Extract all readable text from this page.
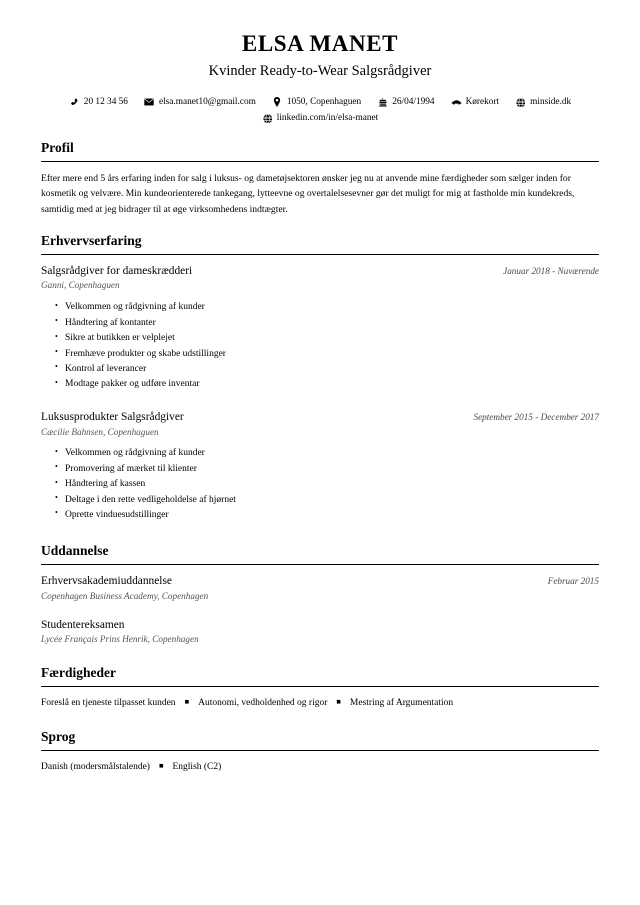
ELSA MANET
Kvinder Ready-to-Wear Salgsrådgiver
20 12 34 56	elsa.manet10@gmail.com	1050, Copenhaguen	26/04/1994	Kørekort	minside.dk
linkedin.com/in/elsa-manet
Profil

Efter mere end 5 års erfaring inden for salg i luksus- og dametøjsektoren ønsker jeg nu at anvende mine færdigheder som sælger inden for kosmetik og velvære. Min kundeorienterede tankegang, lytteevne og overtalelsesevner gør det muligt for mig at fastholde min kundekreds, samtidig med at jeg bidrager til at øge virksomhedens indtægter.

Erhvervserfaring
Salgsrådgiver for dameskrædderi	Januar 2018 - Nuværende
Ganni, Copenhaguen
• Velkommen og rådgivning af kunder
• Håndtering af kontanter
• Sikre at butikken er velplejet
• Fremhæve produkter og skabe udstillinger
• Kontrol af leverancer
• Modtage pakker og udføre inventar
Luksusprodukter Salgsrådgiver	September 2015 - December 2017
Cæcilie Bahnsen, Copenhaguen
• Velkommen og rådgivning af kunder
• Promovering af mærket til klienter
• Håndtering af kassen
• Deltage i den rette vedligeholdelse af hjørnet
• Oprette vinduesudstillinger
Uddannelse
Erhvervsakademiuddannelse	Februar 2015
Copenhagen Business Academy, Copenhagen
Studentereksamen
Lycée Français Prins Henrik, Copenhagen
Færdigheder
Foreslå en tjeneste tilpasset kunden ■ Autonomi, vedholdenhed og rigor ■ Mestring af Argumentation
Sprog
Danish (modersmålstalende) ■ English (C2)
